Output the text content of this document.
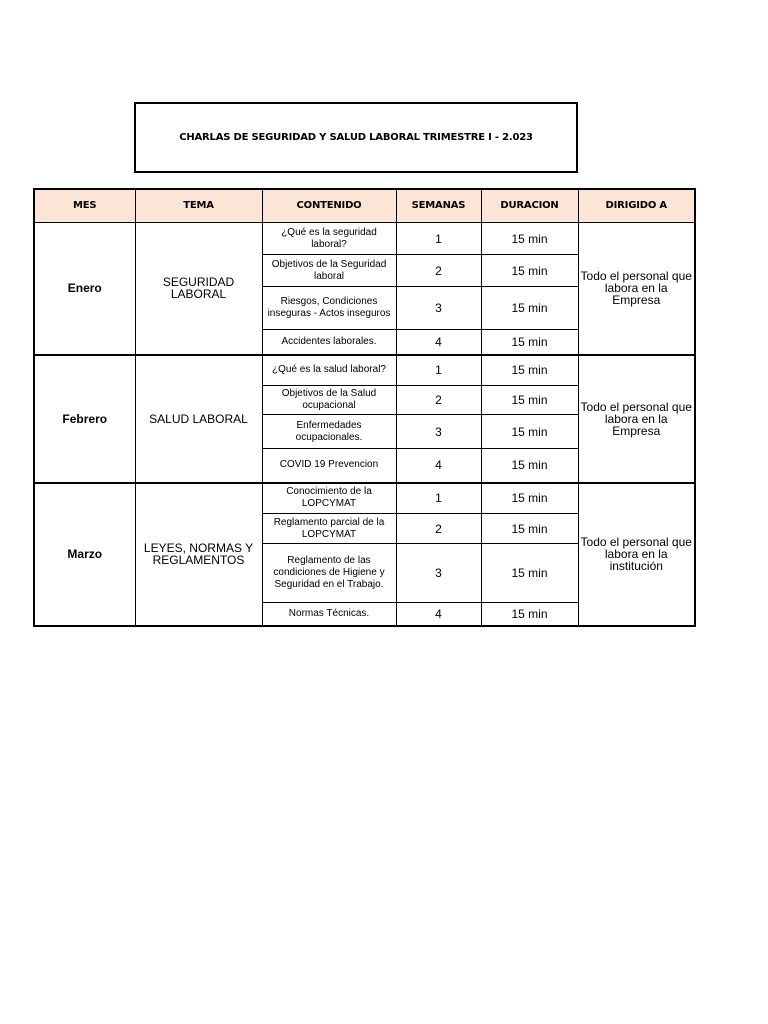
CHARLAS DE SEGURIDAD Y SALUD LABORAL TRIMESTRE I - 2.023
MES	TEMA	CONTENIDO	SEMANAS	DURACION	DIRIGIDO A
Enero	SEGURIDAD LABORAL	¿Qué es la seguridad laboral?	1	15 min	Todo el personal que labora en la Empresa
		Objetivos de la Seguridad laboral	2	15 min	
		Riesgos, Condiciones inseguras - Actos inseguros	3	15 min	
		Accidentes laborales.	4	15 min	
Febrero	SALUD LABORAL	¿Qué es la salud laboral?	1	15 min	Todo el personal que labora en la Empresa
		Objetivos de la Salud ocupacional	2	15 min	
		Enfermedades ocupacionales.	3	15 min	
		COVID 19 Prevencion	4	15 min	
Marzo	LEYES, NORMAS Y REGLAMENTOS	Conocimiento de la LOPCYMAT	1	15 min	Todo el personal que labora en la institución
		Reglamento parcial de la LOPCYMAT	2	15 min	
		Reglamento de las condiciones de Higiene y Seguridad en el Trabajo.	3	15 min	
		Normas Técnicas.	4	15 min	
